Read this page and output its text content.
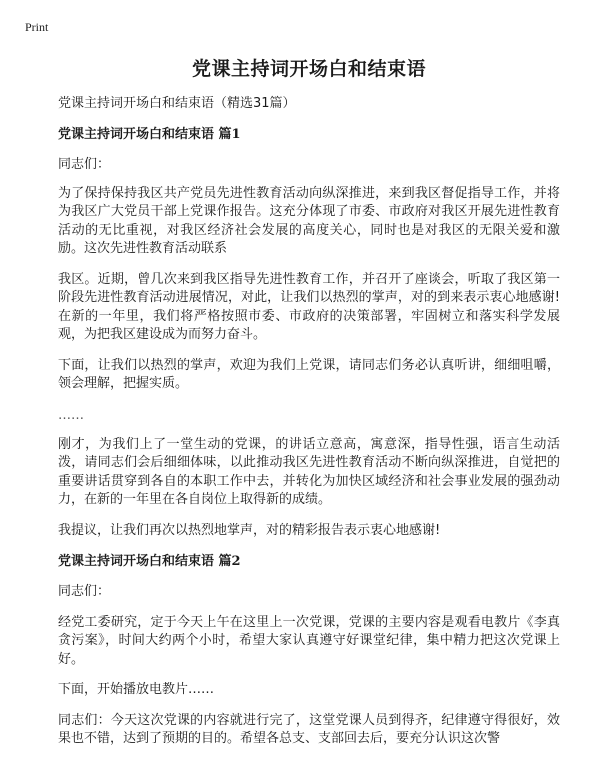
Print
党课主持词开场白和结束语
党课主持词开场白和结束语（精选31篇）
党课主持词开场白和结束语 篇1

同志们：

为了保持保持我区共产党员先进性教育活动向纵深推进，来到我区督促指导工作，并将为我区广大党员干部上党课作报告。这充分体现了市委、市政府对我区开展先进性教育活动的无比重视，对我区经济社会发展的高度关心，同时也是对我区的无限关爱和激励。这次先进性教育活动联系

我区。近期，曾几次来到我区指导先进性教育工作，并召开了座谈会，听取了我区第一阶段先进性教育活动进展情况，对此，让我们以热烈的掌声，对的到来表示衷心地感谢!在新的一年里，我们将严格按照市委、市政府的决策部署，牢固树立和落实科学发展观，为把我区建设成为而努力奋斗。

下面，让我们以热烈的掌声，欢迎为我们上党课，请同志们务必认真听讲，细细咀嚼，领会理解，把握实质。

……

刚才，为我们上了一堂生动的党课，的讲话立意高，寓意深，指导性强，语言生动活泼，请同志们会后细细体味，以此推动我区先进性教育活动不断向纵深推进，自觉把的重要讲话贯穿到各自的本职工作中去，并转化为加快区域经济和社会事业发展的强劲动力，在新的一年里在各自岗位上取得新的成绩。

我提议，让我们再次以热烈地掌声，对的精彩报告表示衷心地感谢!

党课主持词开场白和结束语 篇2

同志们：

经党工委研究，定于今天上午在这里上一次党课，党课的主要内容是观看电教片《李真贪污案》，时间大约两个小时，希望大家认真遵守好课堂纪律，集中精力把这次党课上好。

下面，开始播放电教片……

同志们：今天这次党课的内容就进行完了，这堂党课人员到得齐，纪律遵守得很好，效果也不错，达到了预期的目的。希望各总支、支部回去后，要充分认识这次警
